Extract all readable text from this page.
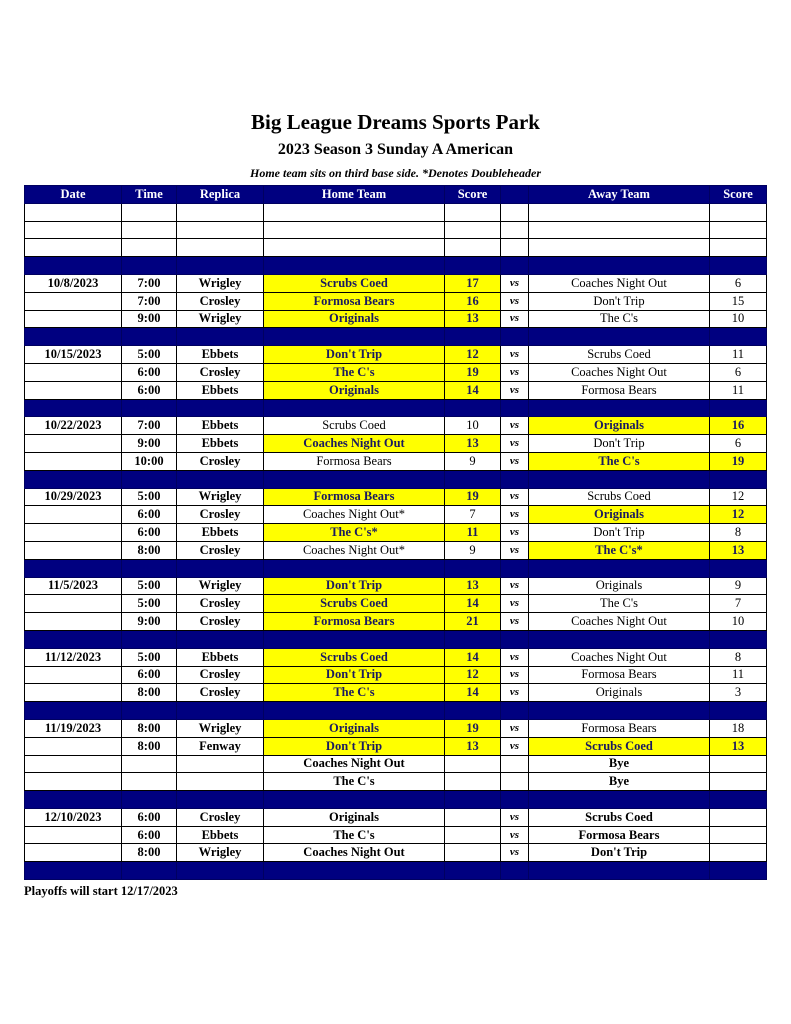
Big League Dreams Sports Park
2023 Season 3 Sunday A American
Home team sits on third base side. *Denotes Doubleheader
Date	Time	Replica	Home Team	Score		Away Team	Score

10/8/2023	7:00	Wrigley	Scrubs Coed	17	vs	Coaches Night Out	6
	7:00	Crosley	Formosa Bears	16	vs	Don't Trip	15
	9:00	Wrigley	Originals	13	vs	The C's	10

10/15/2023	5:00	Ebbets	Don't Trip	12	vs	Scrubs Coed	11
	6:00	Crosley	The C's	19	vs	Coaches Night Out	6
	6:00	Ebbets	Originals	14	vs	Formosa Bears	11

10/22/2023	7:00	Ebbets	Scrubs Coed	10	vs	Originals	16
	9:00	Ebbets	Coaches Night Out	13	vs	Don't Trip	6
	10:00	Crosley	Formosa Bears	9	vs	The C's	19

10/29/2023	5:00	Wrigley	Formosa Bears	19	vs	Scrubs Coed	12
	6:00	Crosley	Coaches Night Out*	7	vs	Originals	12
	6:00	Ebbets	The C's*	11	vs	Don't Trip	8
	8:00	Crosley	Coaches Night Out*	9	vs	The C's*	13

11/5/2023	5:00	Wrigley	Don't Trip	13	vs	Originals	9
	5:00	Crosley	Scrubs Coed	14	vs	The C's	7
	9:00	Crosley	Formosa Bears	21	vs	Coaches Night Out	10

11/12/2023	5:00	Ebbets	Scrubs Coed	14	vs	Coaches Night Out	8
	6:00	Crosley	Don't Trip	12	vs	Formosa Bears	11
	8:00	Crosley	The C's	14	vs	Originals	3

11/19/2023	8:00	Wrigley	Originals	19	vs	Formosa Bears	18
	8:00	Fenway	Don't Trip	13	vs	Scrubs Coed	13
			Coaches Night Out			Bye	
			The C's			Bye	

12/10/2023	6:00	Crosley	Originals		vs	Scrubs Coed	
	6:00	Ebbets	The C's		vs	Formosa Bears	
	8:00	Wrigley	Coaches Night Out		vs	Don't Trip	

Playoffs will start 12/17/2023
